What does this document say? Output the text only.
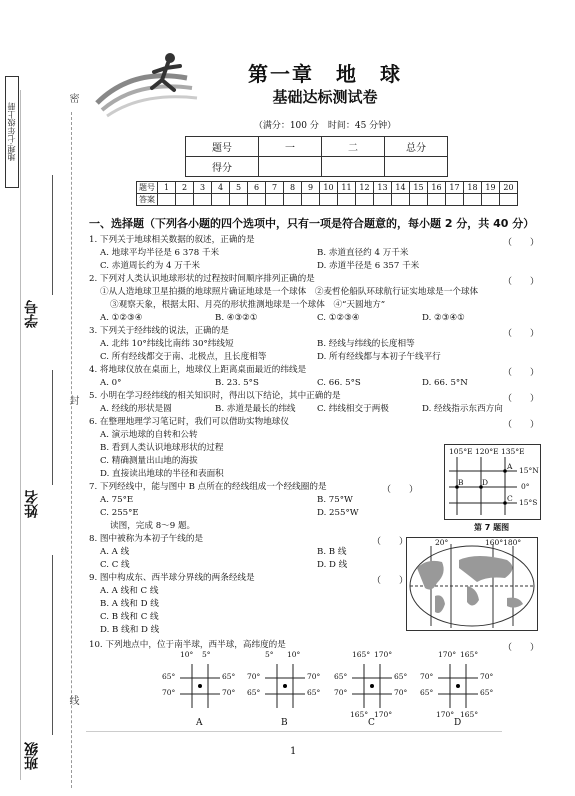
地理·七年级上册
密
封
线
学号
姓名
班级
第一章　地　球
基础达标测试卷
（满分：100 分　时间：45 分钟）
题号	一	二	总分
得分			
题号	1	2	3	4	5	6	7	8	9	10	11	12	13	14	15	16	17	18	19	20
答案																				
一、选择题（下列各小题的四个选项中，只有一项是符合题意的，每小题 2 分，共 40 分）
1. 下列关于地球相关数据的叙述，正确的是	（　　）
A. 地球平均半径是 6 378 千米	B. 赤道直径约 4 万千米
C. 赤道周长约为 4 万千米	D. 赤道半径是 6 357 千米
2. 下列对人类认识地球形状的过程按时间顺序排列正确的是	（　　）
①从人造地球卫星拍摄的地球照片确证地球是一个球体　②麦哲伦船队环球航行证实地球是一个球体
③观察天象，根据太阳、月亮的形状推测地球是一个球体　④“天圆地方”
A. ①②③④	B. ④③②①	C. ①②③④	D. ②③④①
3. 下列关于经纬线的说法，正确的是	（　　）
A. 北纬 10°纬线比南纬 30°纬线短	B. 经线与纬线的长度相等
C. 所有经线都交于南、北极点，且长度相等	D. 所有经线都与本初子午线平行
4. 将地球仪放在桌面上，地球仪上距离桌面最近的纬线是	（　　）
A. 0°	B. 23. 5°S	C. 66. 5°S	D. 66. 5°N
5. 小明在学习经纬线的相关知识时，得出以下结论，其中正确的是	（　　）
A. 经线的形状是圆	B. 赤道是最长的纬线 C. 纬线相交于两极	D. 经线指示东西方向
6. 在整理地理学习笔记时，我们可以借助实物地球仪	（　　）
A. 演示地球的自转和公转
B. 看到人类认识地球形状的过程
C. 精确测量出山地的海拔
D. 直接读出地球的半径和表面积
7. 下列经线中，能与图中 B 点所在的经线组成一个经线圈的是	（　　）
A. 75°E	B. 75°W
C. 255°E	D. 255°W
读图，完成 8～9 题。
8. 图中被称为本初子午线的是	（　　）
A. A 线	B. B 线
C. C 线	D. D 线
9. 图中构成东、西半球分界线的两条经线是	（　　）
A. A 线和 C 线
B. A 线和 D 线
C. B 线和 C 线
D. B 线和 D 线
10. 下列地点中，位于南半球，西半球，高纬度的是	（　　）
105°E 120°E 135°E
15°N
0°
15°S
A
B
C
D
第 7 题图
20°	160°180°
10° 5°
65°
70°
65°
70°
A
5° 10°
70°
65°
70°
65°
B
165° 170°
65°
70°
65°
70°
165° 170°
C
170° 165°
70°
65°
70°
65°
170° 165°
D
1
